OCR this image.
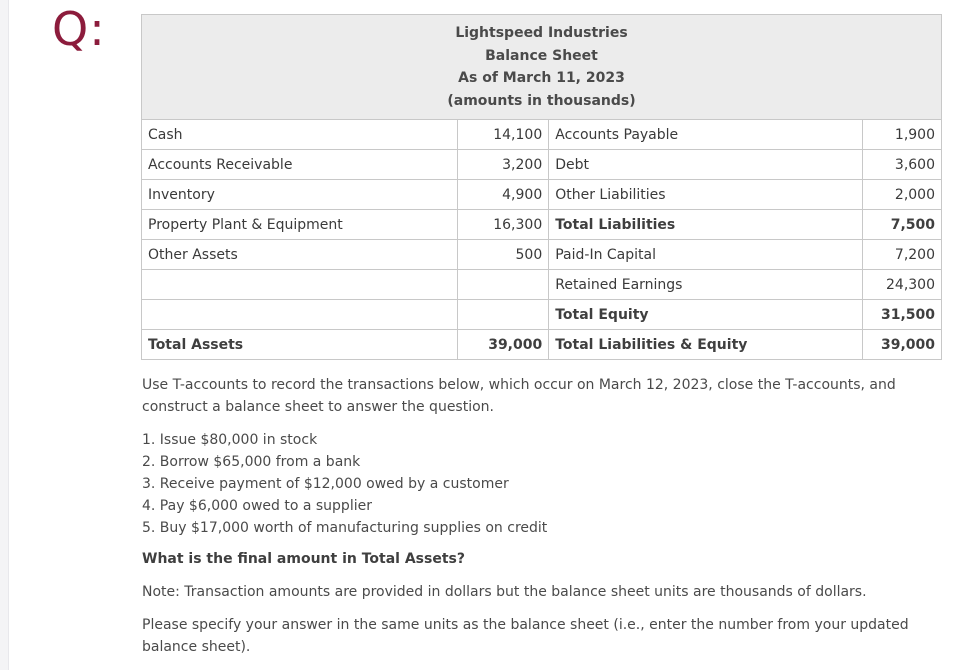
Q:	Lightspeed Industries
Balance Sheet
As of March 11, 2023
(amounts in thousands)			

Cash	14,100	Accounts Payable	1,900
Accounts Receivable	3,200	Debt	3,600
Inventory	4,900	Other Liabilities	2,000
Property Plant & Equipment	16,300	Total Liabilities	7,500
Other Assets	500	Paid-In Capital	7,200
		Retained Earnings	24,300
		Total Equity	31,500
Total Assets	39,000	Total Liabilities & Equity	39,000

Use T-accounts to record the transactions below, which occur on March 12, 2023, close the T-accounts, and construct a balance sheet to answer the question.

1. Issue $80,000 in stock
2. Borrow $65,000 from a bank
3. Receive payment of $12,000 owed by a customer
4. Pay $6,000 owed to a supplier
5. Buy $17,000 worth of manufacturing supplies on credit

What is the final amount in Total Assets?

Note: Transaction amounts are provided in dollars but the balance sheet units are thousands of dollars.

Please specify your answer in the same units as the balance sheet (i.e., enter the number from your updated balance sheet).
